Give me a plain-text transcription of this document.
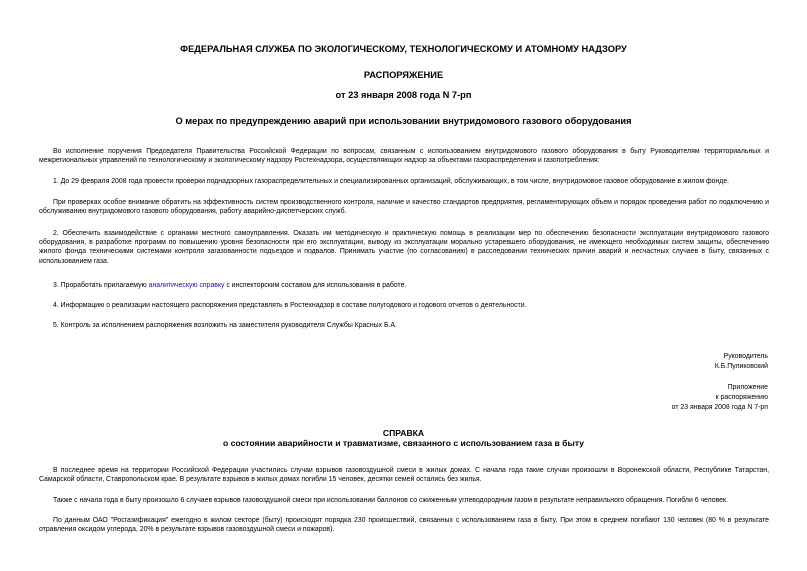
ФЕДЕРАЛЬНАЯ СЛУЖБА ПО ЭКОЛОГИЧЕСКОМУ, ТЕХНОЛОГИЧЕСКОМУ И АТОМНОМУ НАДЗОРУ
РАСПОРЯЖЕНИЕ
от 23 января 2008 года N 7-рп
О мерах по предупреждению аварий при использовании внутридомового газового оборудования

Во исполнение поручения Председателя Правительства Российской Федерации по вопросам, связанным с использованием внутридомового газового оборудования в быту Руководителям территориальных и межрегиональных управлений по технологическому и экологическому надзору Ростехнадзора, осуществляющих надзор за объектами газораспределения и газопотребления:

1. До 29 февраля 2008 года провести проверки поднадзорных газораспределительных и специализированных организаций, обслуживающих, в том числе, внутридомовое газовое оборудование в жилом фонде.

При проверках особое внимание обратить на эффективность систем производственного контроля, наличие и качество стандартов предприятия, регламентирующих объем и порядок проведения работ по подключению и обслуживанию внутридомового газового оборудования, работу аварийно-диспетчерских служб.

2. Обеспечить взаимодействие с органами местного самоуправления. Оказать им методическую и практическую помощь в реализации мер по обеспечению безопасности эксплуатации внутридомового газового оборудования, в разработке программ по повышению уровня безопасности при его эксплуатации, выводу из эксплуатации морально устаревшего оборудования, не имеющего необходимых систем защиты, обеспечению жилого фонда техническими системами контроля загазованности подъездов и подвалов. Принимать участие (по согласованию) в расследовании технических причин аварий и несчастных случаев в быту, связанных с использованием газа.

3. Проработать прилагаемую аналитическую справку с инспекторским составом для использования в работе.

4. Информацию о реализации настоящего распоряжения представлять в Ростехнадзор в составе полугодового и годового отчетов о деятельности.

5. Контроль за исполнением распоряжения возложить на заместителя руководителя Службы Красных Б.А.

Руководитель
К.Б.Пуликовский
Приложение
к распоряжению
от 23 января 2008 года N 7-рп
СПРАВКА
о состоянии аварийности и травматизме, связанного с использованием газа в быту

В последнее время на территории Российской Федерации участились случаи взрывов газовоздушной смеси в жилых домах. С начала года такие случаи произошли в Воронежской области, Республике Татарстан, Самарской области, Ставропольском крае. В результате взрывов в жилых домах погибли 15 человек, десятки семей остались без жилья.

Также с начала года в быту произошло 6 случаев взрывов газовоздушной смеси при использовании баллонов со сжиженным углеводородным газом в результате неправильного обращения. Погибли 6 человек.

По данным ОАО "Росгазификация" ежегодно в жилом секторе (быту) происходят порядка 230 происшествий, связанных с использованием газа в быту. При этом в среднем погибают 130 человек (80 % в результате отравления оксидом углерода, 20% в результате взрывов газовоздушной смеси и пожаров).
